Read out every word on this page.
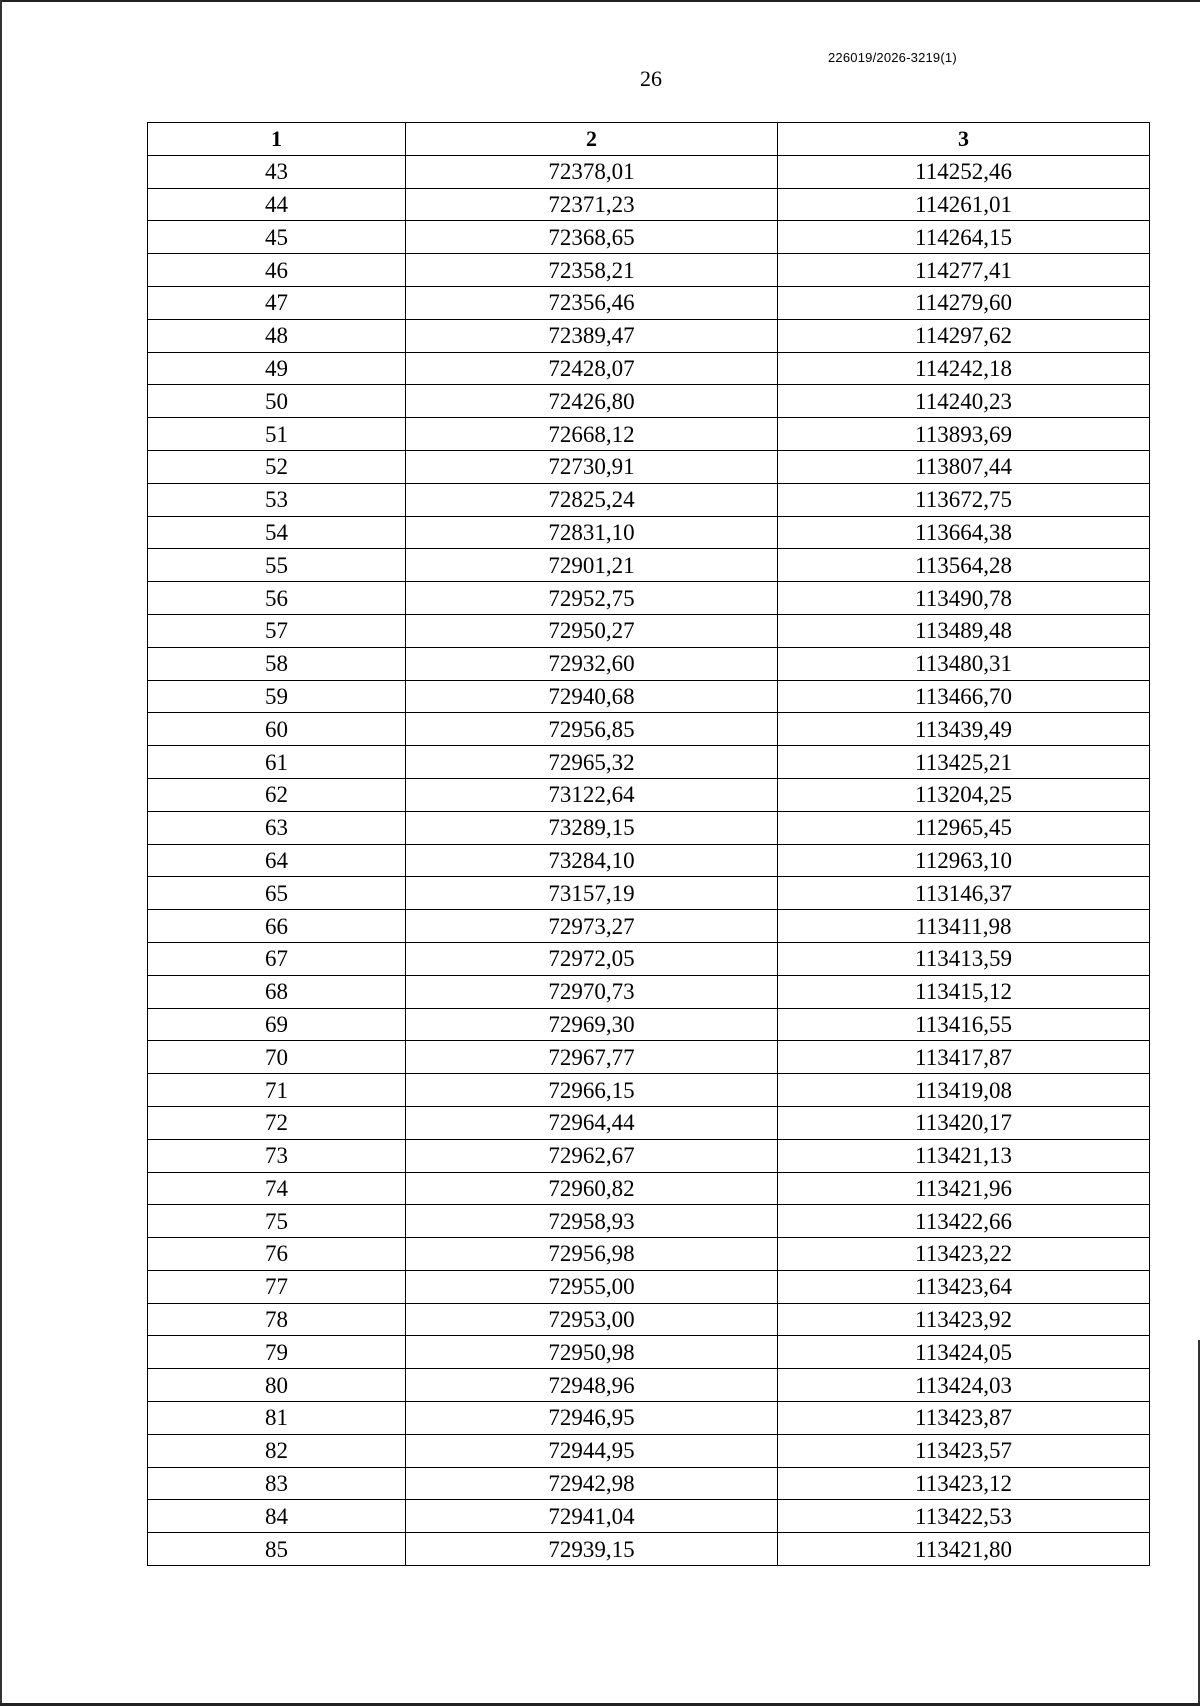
226019/2026-3219(1)
26
1	2	3
43	72378,01	114252,46
44	72371,23	114261,01
45	72368,65	114264,15
46	72358,21	114277,41
47	72356,46	114279,60
48	72389,47	114297,62
49	72428,07	114242,18
50	72426,80	114240,23
51	72668,12	113893,69
52	72730,91	113807,44
53	72825,24	113672,75
54	72831,10	113664,38
55	72901,21	113564,28
56	72952,75	113490,78
57	72950,27	113489,48
58	72932,60	113480,31
59	72940,68	113466,70
60	72956,85	113439,49
61	72965,32	113425,21
62	73122,64	113204,25
63	73289,15	112965,45
64	73284,10	112963,10
65	73157,19	113146,37
66	72973,27	113411,98
67	72972,05	113413,59
68	72970,73	113415,12
69	72969,30	113416,55
70	72967,77	113417,87
71	72966,15	113419,08
72	72964,44	113420,17
73	72962,67	113421,13
74	72960,82	113421,96
75	72958,93	113422,66
76	72956,98	113423,22
77	72955,00	113423,64
78	72953,00	113423,92
79	72950,98	113424,05
80	72948,96	113424,03
81	72946,95	113423,87
82	72944,95	113423,57
83	72942,98	113423,12
84	72941,04	113422,53
85	72939,15	113421,80
